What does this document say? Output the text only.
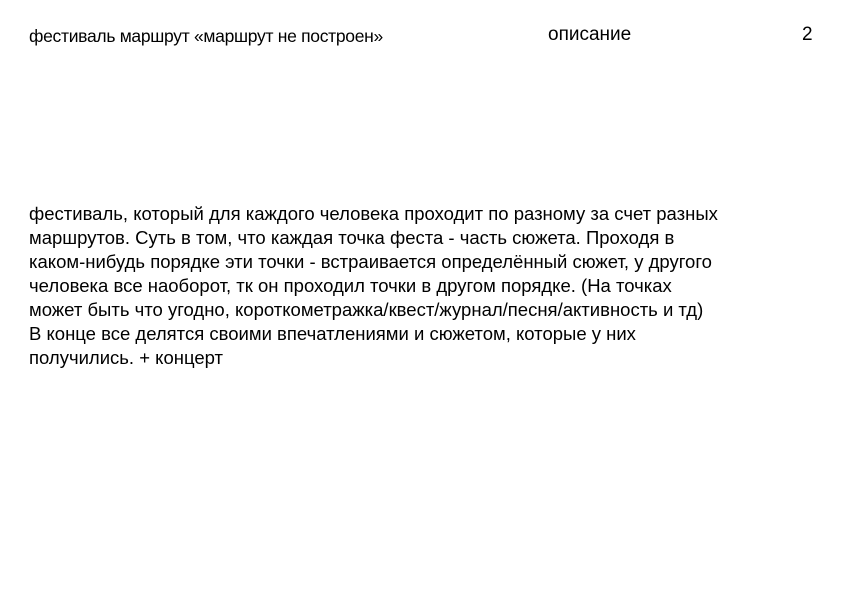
фестиваль маршрут «маршрут не построен»	описание	2
фестиваль, который для каждого человека проходит по разному за счет разных
маршрутов. Суть в том, что каждая точка феста - часть сюжета. Проходя в
каком-нибудь порядке эти точки - встраивается определённый сюжет, у другого
человека все наоборот, тк он проходил точки в другом порядке. (На точках
может быть что угодно, короткометражка/квест/журнал/песня/активность и тд)
В конце все делятся своими впечатлениями и сюжетом, которые у них
получились. + концерт
